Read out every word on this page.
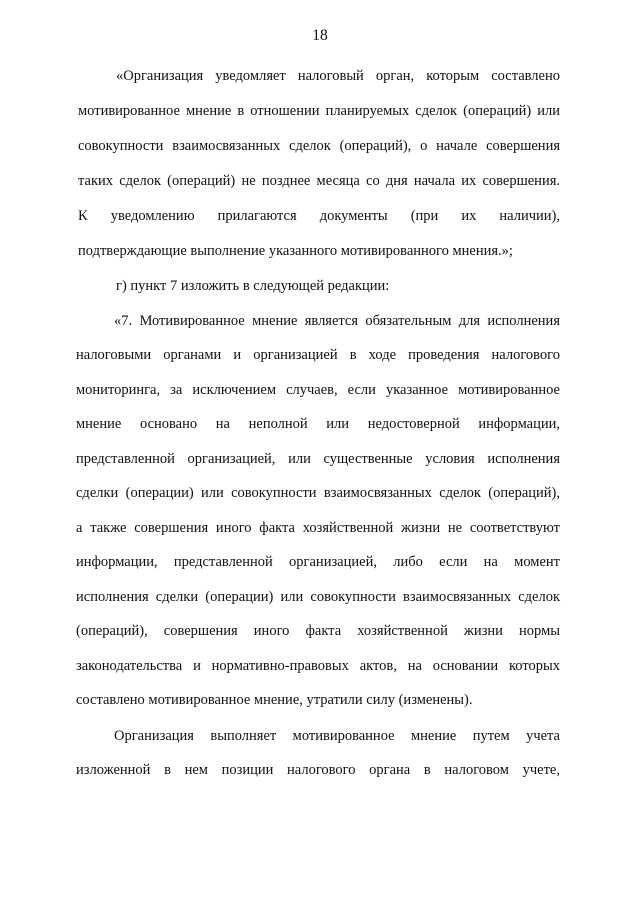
18
«Организация уведомляет налоговый орган, которым составлено
мотивированное мнение в отношении планируемых сделок (операций) или
совокупности взаимосвязанных сделок (операций), о начале совершения
таких сделок (операций) не позднее месяца со дня начала их совершения.
К уведомлению прилагаются документы (при их наличии),
подтверждающие выполнение указанного мотивированного мнения.»;
г) пункт 7 изложить в следующей редакции:
«7. Мотивированное мнение является обязательным для исполнения
налоговыми органами и организацией в ходе проведения налогового
мониторинга, за исключением случаев, если указанное мотивированное
мнение основано на неполной или недостоверной информации,
представленной организацией, или существенные условия исполнения
сделки (операции) или совокупности взаимосвязанных сделок (операций),
а также совершения иного факта хозяйственной жизни не соответствуют
информации, представленной организацией, либо если на момент
исполнения сделки (операции) или совокупности взаимосвязанных сделок
(операций), совершения иного факта хозяйственной жизни нормы
законодательства и нормативно-правовых актов, на основании которых
составлено мотивированное мнение, утратили силу (изменены).
Организация выполняет мотивированное мнение путем учета
изложенной в нем позиции налогового органа в налоговом учете,
